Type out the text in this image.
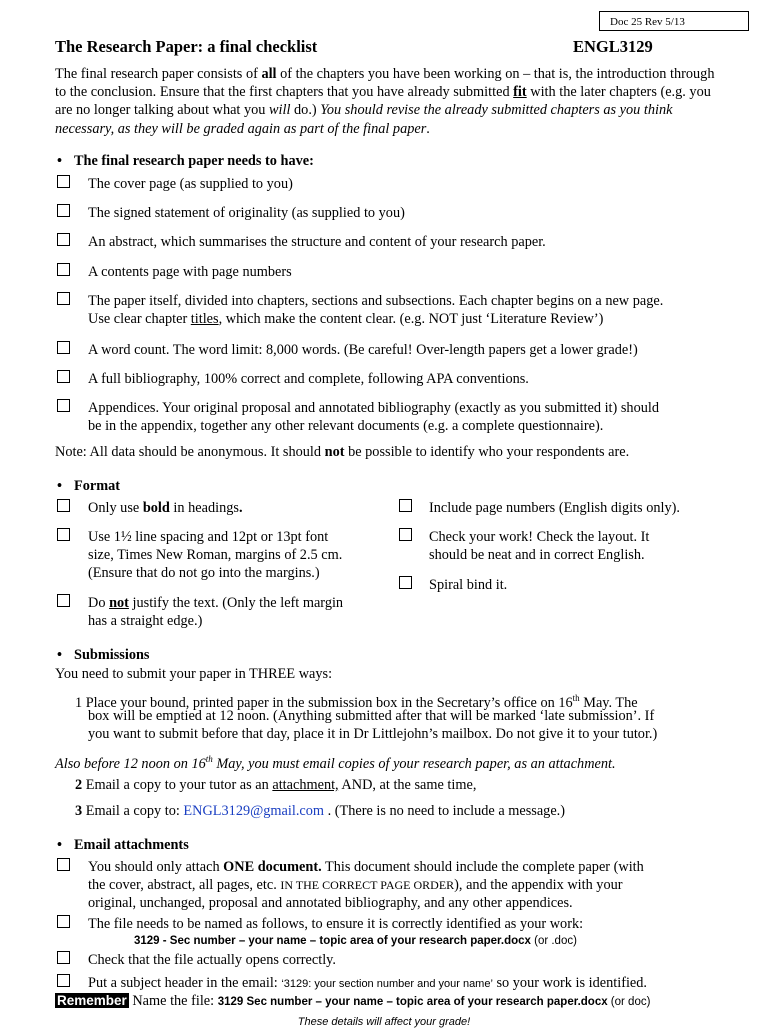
Doc 25 Rev 5/13
The Research Paper: a final checklist	ENGL3129
The final research paper consists of all of the chapters you have been working on – that is, the introduction through to the conclusion. Ensure that the first chapters that you have already submitted fit with the later chapters (e.g. you are no longer talking about what you will do.) You should revise the already submitted chapters as you think necessary, as they will be graded again as part of the final paper.
• The final research paper needs to have:
The cover page (as supplied to you)
The signed statement of originality (as supplied to you)
An abstract, which summarises the structure and content of your research paper.
A contents page with page numbers
The paper itself, divided into chapters, sections and subsections. Each chapter begins on a new page.
Use clear chapter titles, which make the content clear. (e.g. NOT just ‘Literature Review’)
A word count. The word limit: 8,000 words. (Be careful! Over-length papers get a lower grade!)
A full bibliography, 100% correct and complete, following APA conventions.
Appendices. Your original proposal and annotated bibliography (exactly as you submitted it) should
be in the appendix, together any other relevant documents (e.g. a complete questionnaire).
Note: All data should be anonymous. It should not be possible to identify who your respondents are.
• Format
Only use bold in headings.
Use 1½ line spacing and 12pt or 13pt font
size, Times New Roman, margins of 2.5 cm.
(Ensure that do not go into the margins.)
Do not justify the text. (Only the left margin
has a straight edge.)
Include page numbers (English digits only).
Check your work! Check the layout. It
should be neat and in correct English.
Spiral bind it.
• Submissions
You need to submit your paper in THREE ways:
1 Place your bound, printed paper in the submission box in the Secretary’s office on 16th May. The
box will be emptied at 12 noon. (Anything submitted after that will be marked ‘late submission’. If
you want to submit before that day, place it in Dr Littlejohn’s mailbox. Do not give it to your tutor.)
Also before 12 noon on 16th May, you must email copies of your research paper, as an attachment.
2 Email a copy to your tutor as an attachment, AND, at the same time,
3 Email a copy to: ENGL3129@gmail.com . (There is no need to include a message.)
• Email attachments
You should only attach ONE document. This document should include the complete paper (with
the cover, abstract, all pages, etc. IN THE CORRECT PAGE ORDER), and the appendix with your
original, unchanged, proposal and annotated bibliography, and any other appendices.
The file needs to be named as follows, to ensure it is correctly identified as your work:
3129 - Sec number – your name – topic area of your research paper.docx (or .doc)
Check that the file actually opens correctly.
Put a subject header in the email: ‘3129: your section number and your name’ so your work is identified.
Remember Name the file: 3129 Sec number – your name – topic area of your research paper.docx (or doc)
These details will affect your grade!
